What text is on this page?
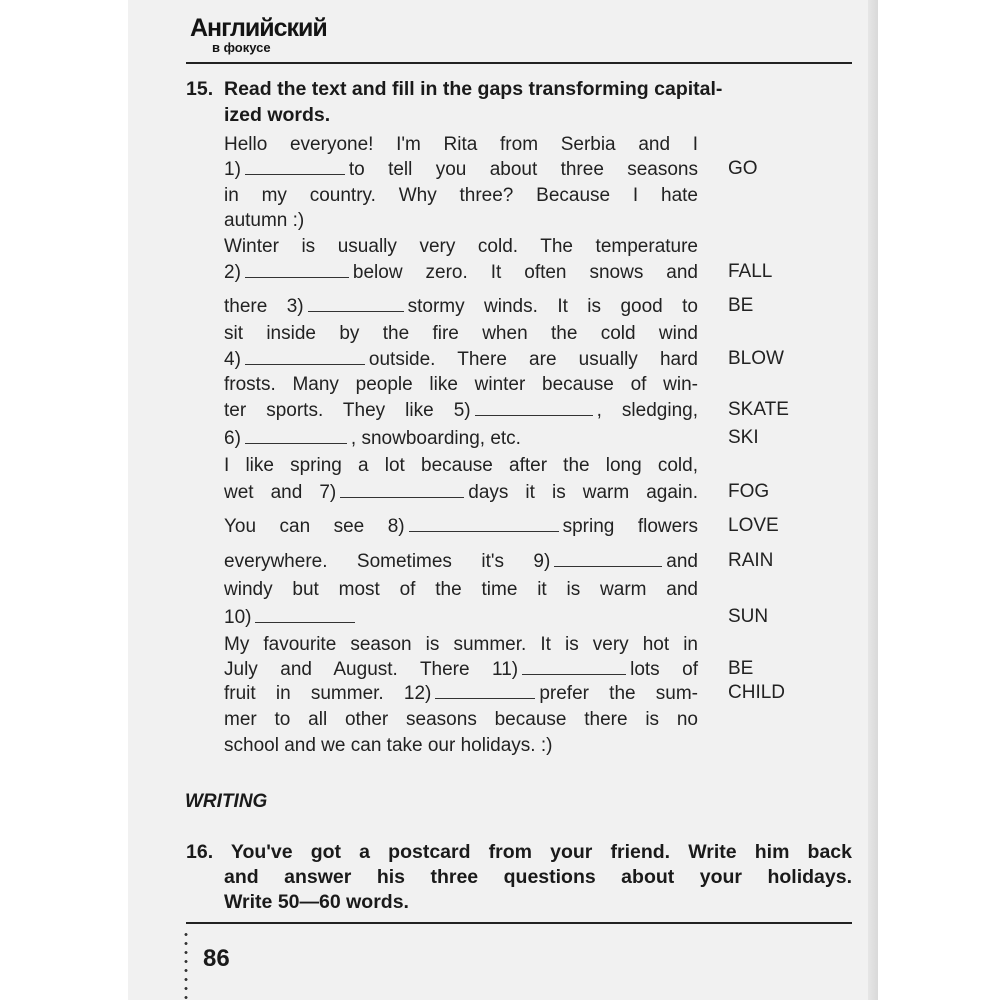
Английский
в фокусе
15. Read the text and fill in the gaps transforming capital-
ized words.
Hello everyone! I'm Rita from Serbia and I
1)	to tell you about three seasons GO
in my country. Why three? Because I hate
autumn :)
Winter is usually very cold. The temperature
2)	below zero. It often snows and FALL
there 3)	stormy winds. It is good to BE
sit inside by the fire when the cold wind
4)	outside. There are usually hard BLOW
frosts. Many people like winter because of win-
ter sports. They like 5)	, sledging, SKATE
6)	, snowboarding, etc.	SKI
I like spring a lot because after the long cold,
wet and 7)	days it is warm again. FOG
You can see 8)	spring flowers LOVE
everywhere. Sometimes it's 9)	and RAIN
windy but most of the time it is warm and
10)	SUN
My favourite season is summer. It is very hot in
July and August. There 11)	lots of BE
fruit in summer. 12)	prefer the sum- CHILD
mer to all other seasons because there is no
school and we can take our holidays. :)
WRITING
16. You've got a postcard from your friend. Write him back
and answer his three questions about your holidays.
Write 50—60 words.
86
